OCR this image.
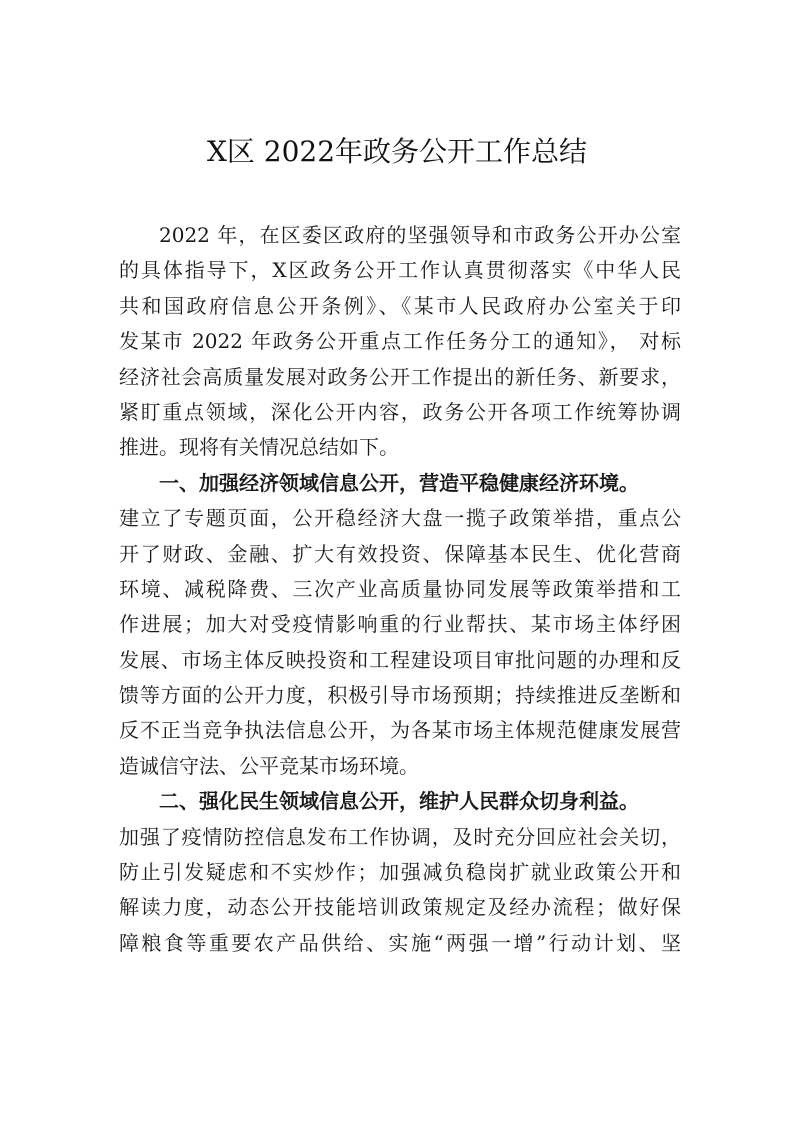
X区 2022年政务公开工作总结
2022 年，在区委区政府的坚强领导和市政务公开办公室
的具体指导下，X区政务公开工作认真贯彻落实《中华人民
共和国政府信息公开条例》、《某市人民政府办公室关于印
发某市 2022 年政务公开重点工作任务分工的通知》， 对标
经济社会高质量发展对政务公开工作提出的新任务、新要求，
紧盯重点领域，深化公开内容，政务公开各项工作统筹协调
推进。现将有关情况总结如下。
一、加强经济领域信息公开，营造平稳健康经济环境。
建立了专题页面，公开稳经济大盘一揽子政策举措，重点公
开了财政、金融、扩大有效投资、保障基本民生、优化营商
环境、减税降费、三次产业高质量协同发展等政策举措和工
作进展；加大对受疫情影响重的行业帮扶、某市场主体纾困
发展、市场主体反映投资和工程建设项目审批问题的办理和反
馈等方面的公开力度，积极引导市场预期；持续推进反垄断和
反不正当竞争执法信息公开，为各某市场主体规范健康发展营
造诚信守法、公平竞某市场环境。
二、强化民生领域信息公开，维护人民群众切身利益。
加强了疫情防控信息发布工作协调，及时充分回应社会关切，
防止引发疑虑和不实炒作；加强减负稳岗扩就业政策公开和
解读力度，动态公开技能培训政策规定及经办流程；做好保
障粮食等重要农产品供给、实施“两强一增”行动计划、坚
